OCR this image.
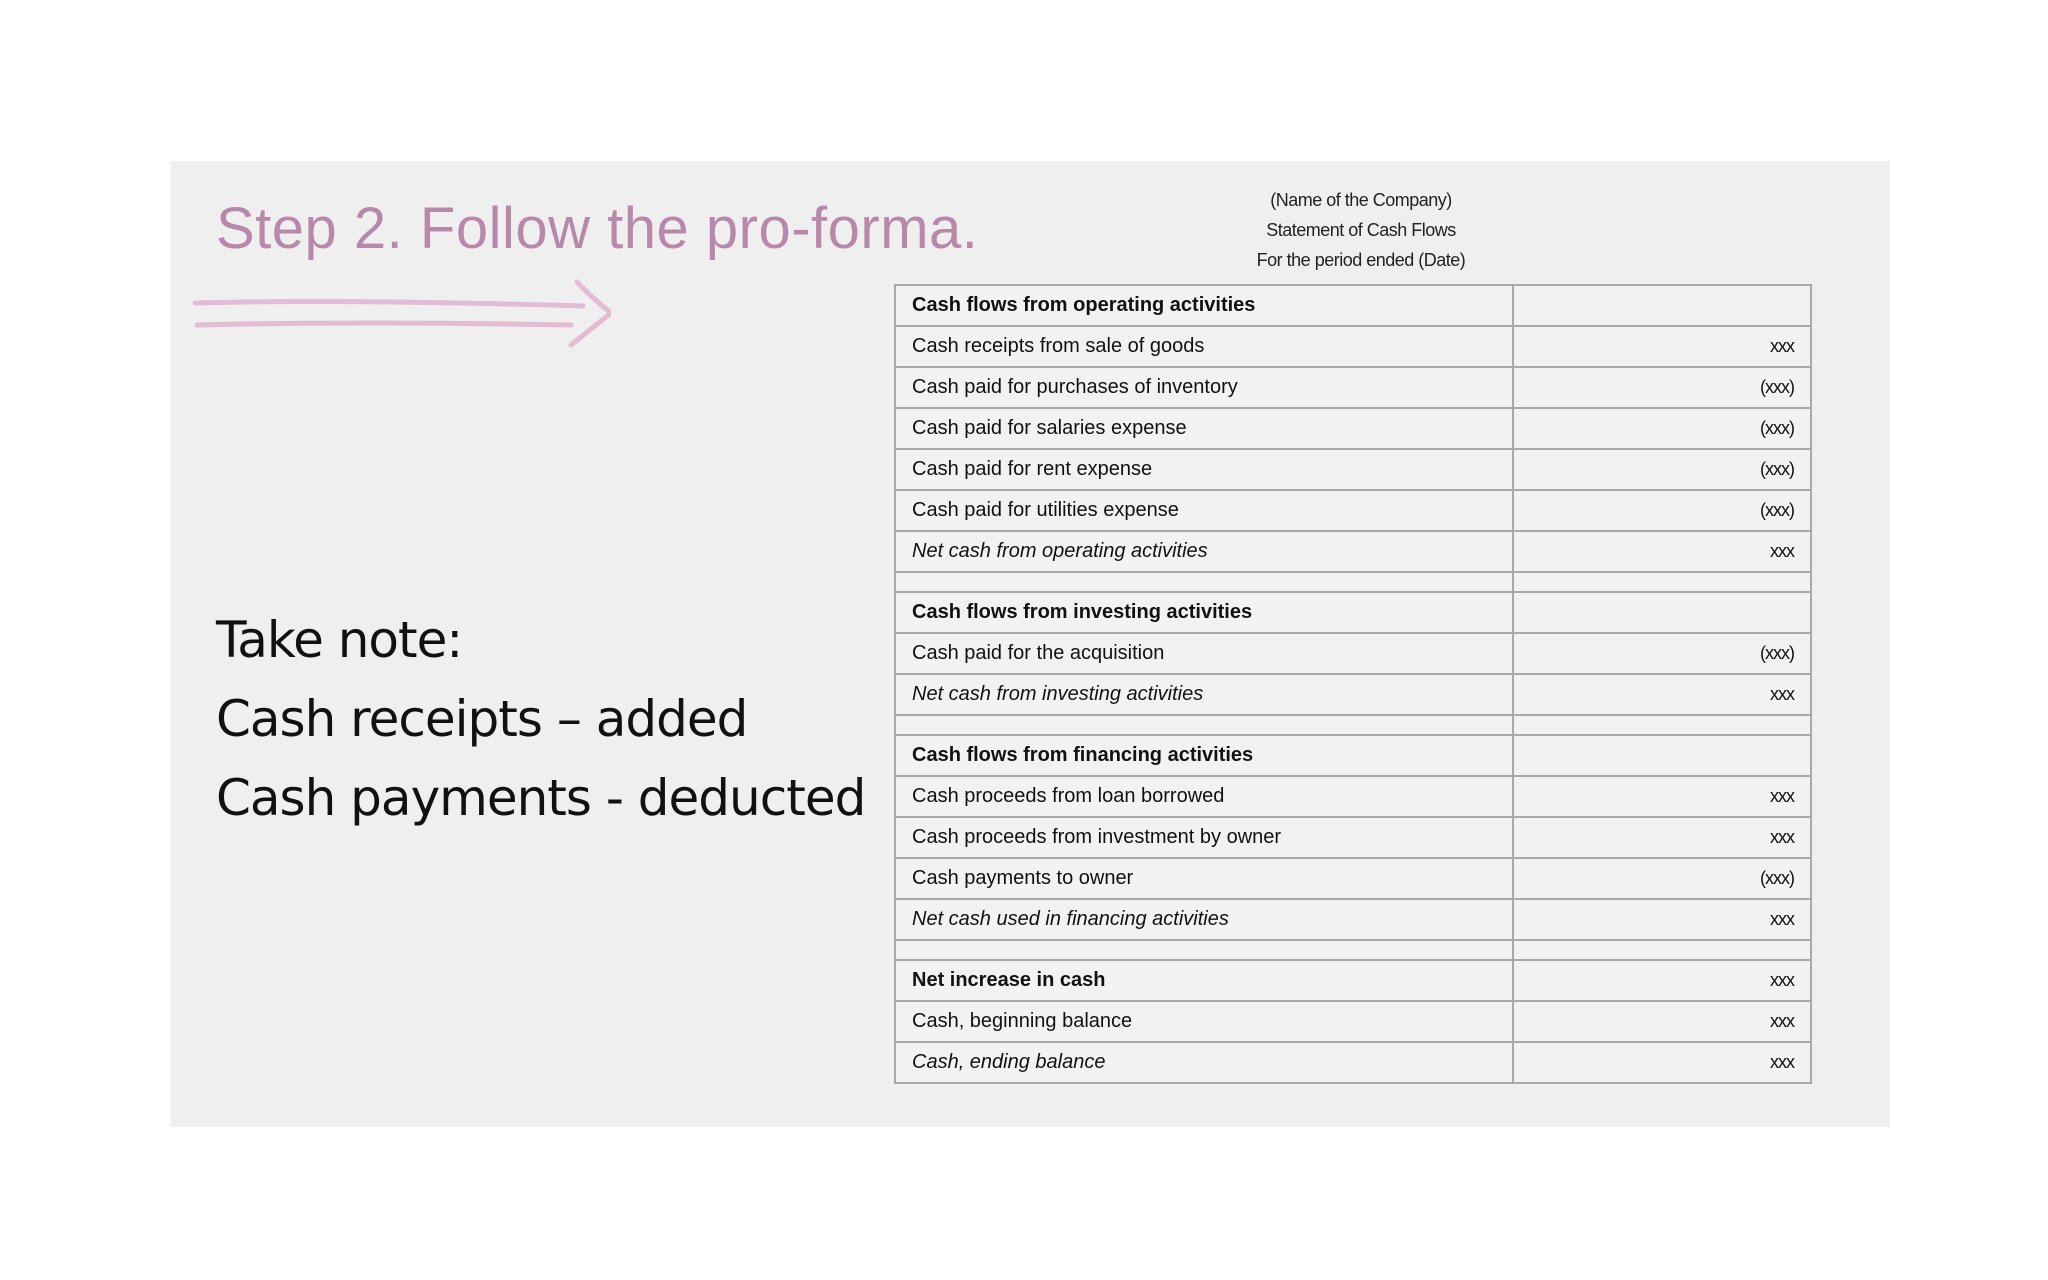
Step 2. Follow the pro-forma.
Take note:
Cash receipts – added
Cash payments - deducted
(Name of the Company)
Statement of Cash Flows
For the period ended (Date)
Cash flows from operating activities	
Cash receipts from sale of goods	xxx
Cash paid for purchases of inventory	(xxx)
Cash paid for salaries expense	(xxx)
Cash paid for rent expense	(xxx)
Cash paid for utilities expense	(xxx)
Net cash from operating activities	xxx

Cash flows from investing activities	
Cash paid for the acquisition	(xxx)
Net cash from investing activities	xxx

Cash flows from financing activities	
Cash proceeds from loan borrowed	xxx
Cash proceeds from investment by owner	xxx
Cash payments to owner	(xxx)
Net cash used in financing activities	xxx

Net increase in cash	xxx
Cash, beginning balance	xxx
Cash, ending balance	xxx
